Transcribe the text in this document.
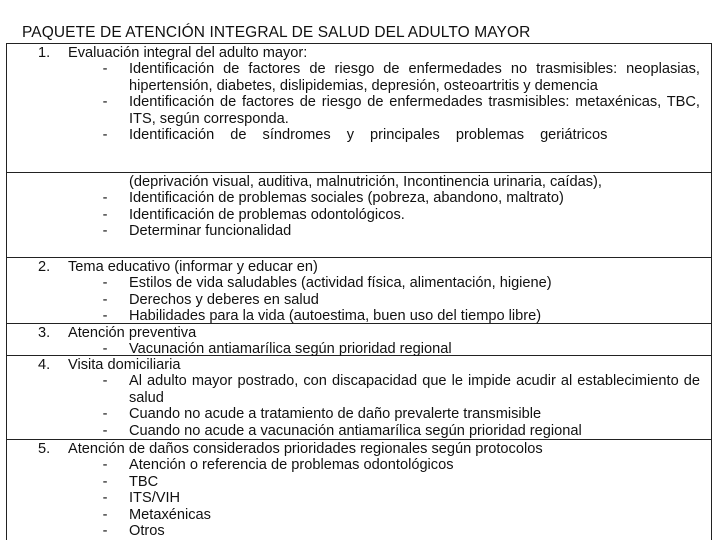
PAQUETE DE ATENCIÓN INTEGRAL DE SALUD DEL ADULTO MAYOR
1. Evaluación integral del adulto mayor:
-	Identificación de factores de riesgo de enfermedades no trasmisibles: neoplasias, hipertensión, diabetes, dislipidemias, depresión, osteoartritis y demencia
-	Identificación de factores de riesgo de enfermedades trasmisibles: metaxénicas, TBC, ITS, según corresponda.
-	Identificación de síndromes y principales problemas geriátricos
(deprivación visual, auditiva, malnutrición, Incontinencia urinaria, caídas),
-	Identificación de problemas sociales (pobreza, abandono, maltrato)
-	Identificación de problemas odontológicos.
-	Determinar funcionalidad
2. Tema educativo (informar y educar en)
-	Estilos de vida saludables (actividad física, alimentación, higiene)
-	Derechos y deberes en salud
-	Habilidades para la vida (autoestima, buen uso del tiempo libre)
3. Atención preventiva
-	Vacunación antiamarílica según prioridad regional
4. Visita domiciliaria
-	Al adulto mayor postrado, con discapacidad que le impide acudir al establecimiento de salud
-	Cuando no acude a tratamiento de daño prevalerte transmisible
-	Cuando no acude a vacunación antiamarílica según prioridad regional
5. Atención de daños considerados prioridades regionales según protocolos
-	Atención o referencia de problemas odontológicos
-	TBC
-	ITS/VIH
-	Metaxénicas
-	Otros
